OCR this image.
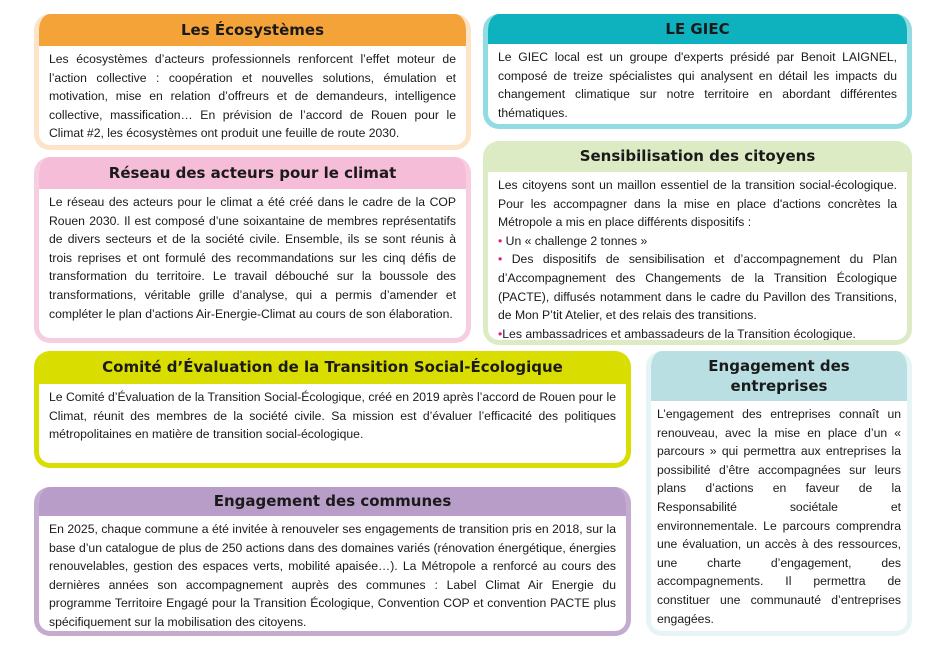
Les Écosystèmes

Les écosystèmes d’acteurs professionnels renforcent l’effet moteur de l’action collective : coopération et nouvelles solutions, émulation et motivation, mise en relation d’offreurs et de demandeurs, intelligence collective, massification… En prévision de l’accord de Rouen pour le Climat #2, les écosystèmes ont produit une feuille de route 2030.

LE GIEC

Le GIEC local est un groupe d'experts présidé par Benoit LAIGNEL, composé de treize spécialistes qui analysent en détail les impacts du changement climatique sur notre territoire en abordant différentes thématiques.

Réseau des acteurs pour le climat

Le réseau des acteurs pour le climat a été créé dans le cadre de la COP Rouen 2030. Il est composé d’une soixantaine de membres représentatifs de divers secteurs et de la société civile. Ensemble, ils se sont réunis à trois reprises et ont formulé des recommandations sur les cinq défis de transformation du territoire. Le travail débouché sur la boussole des transformations, véritable grille d’analyse, qui a permis d’amender et compléter le plan d’actions Air-Energie-Climat au cours de son élaboration.

Sensibilisation des citoyens

Les citoyens sont un maillon essentiel de la transition social-écologique. Pour les accompagner dans la mise en place d'actions concrètes la Métropole a mis en place différents dispositifs :

• Un « challenge 2 tonnes »

• Des dispositifs de sensibilisation et d’accompagnement du Plan d’Accompagnement des Changements de la Transition Écologique (PACTE), diffusés notamment dans le cadre du Pavillon des Transitions, de Mon P’tit Atelier, et des relais des transitions.

•Les ambassadrices et ambassadeurs de la Transition écologique.

Comité d’Évaluation de la Transition Social-Écologique

Le Comité d’Évaluation de la Transition Social-Écologique, créé en 2019 après l’accord de Rouen pour le Climat, réunit des membres de la société civile. Sa mission est d’évaluer l’efficacité des politiques métropolitaines en matière de transition social-écologique.

Engagement des communes

En 2025, chaque commune a été invitée à renouveler ses engagements de transition pris en 2018, sur la base d’un catalogue de plus de 250 actions dans des domaines variés (rénovation énergétique, énergies renouvelables, gestion des espaces verts, mobilité apaisée…). La Métropole a renforcé au cours des dernières années son accompagnement auprès des communes : Label Climat Air Energie du programme Territoire Engagé pour la Transition Écologique, Convention COP et convention PACTE plus spécifiquement sur la mobilisation des citoyens.

Engagement des
entreprises

L’engagement des entreprises connaît un renouveau, avec la mise en place d’un « parcours » qui permettra aux entreprises la possibilité d’être accompagnées sur leurs plans d’actions en faveur de la Responsabilité sociétale et environnementale. Le parcours comprendra une évaluation, un accès à des ressources, une charte d’engagement, des accompagnements. Il permettra de constituer une communauté d’entreprises engagées.
